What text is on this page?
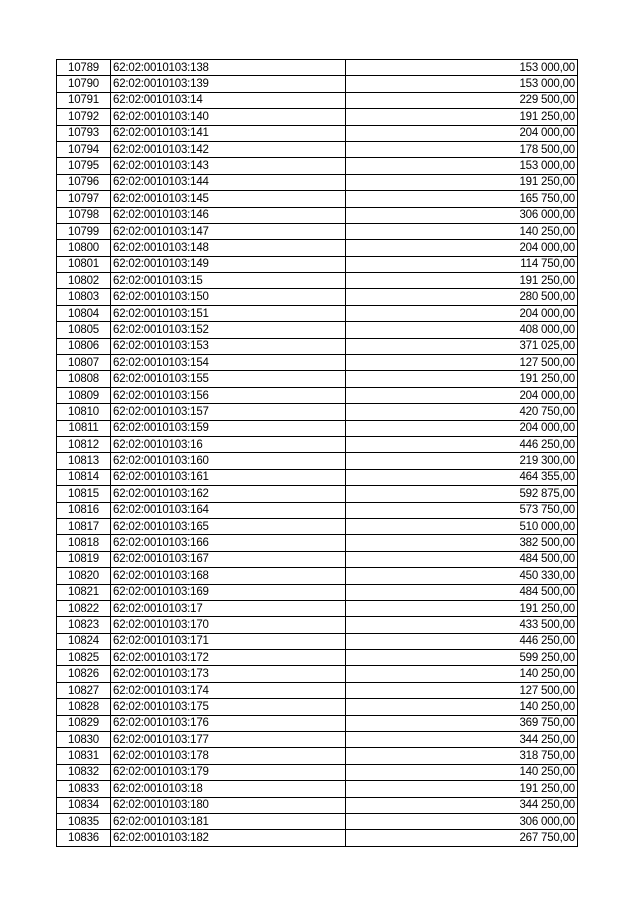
10789	62:02:0010103:138	153 000,00
10790	62:02:0010103:139	153 000,00
10791	62:02:0010103:14	229 500,00
10792	62:02:0010103:140	191 250,00
10793	62:02:0010103:141	204 000,00
10794	62:02:0010103:142	178 500,00
10795	62:02:0010103:143	153 000,00
10796	62:02:0010103:144	191 250,00
10797	62:02:0010103:145	165 750,00
10798	62:02:0010103:146	306 000,00
10799	62:02:0010103:147	140 250,00
10800	62:02:0010103:148	204 000,00
10801	62:02:0010103:149	114 750,00
10802	62:02:0010103:15	191 250,00
10803	62:02:0010103:150	280 500,00
10804	62:02:0010103:151	204 000,00
10805	62:02:0010103:152	408 000,00
10806	62:02:0010103:153	371 025,00
10807	62:02:0010103:154	127 500,00
10808	62:02:0010103:155	191 250,00
10809	62:02:0010103:156	204 000,00
10810	62:02:0010103:157	420 750,00
10811	62:02:0010103:159	204 000,00
10812	62:02:0010103:16	446 250,00
10813	62:02:0010103:160	219 300,00
10814	62:02:0010103:161	464 355,00
10815	62:02:0010103:162	592 875,00
10816	62:02:0010103:164	573 750,00
10817	62:02:0010103:165	510 000,00
10818	62:02:0010103:166	382 500,00
10819	62:02:0010103:167	484 500,00
10820	62:02:0010103:168	450 330,00
10821	62:02:0010103:169	484 500,00
10822	62:02:0010103:17	191 250,00
10823	62:02:0010103:170	433 500,00
10824	62:02:0010103:171	446 250,00
10825	62:02:0010103:172	599 250,00
10826	62:02:0010103:173	140 250,00
10827	62:02:0010103:174	127 500,00
10828	62:02:0010103:175	140 250,00
10829	62:02:0010103:176	369 750,00
10830	62:02:0010103:177	344 250,00
10831	62:02:0010103:178	318 750,00
10832	62:02:0010103:179	140 250,00
10833	62:02:0010103:18	191 250,00
10834	62:02:0010103:180	344 250,00
10835	62:02:0010103:181	306 000,00
10836	62:02:0010103:182	267 750,00
